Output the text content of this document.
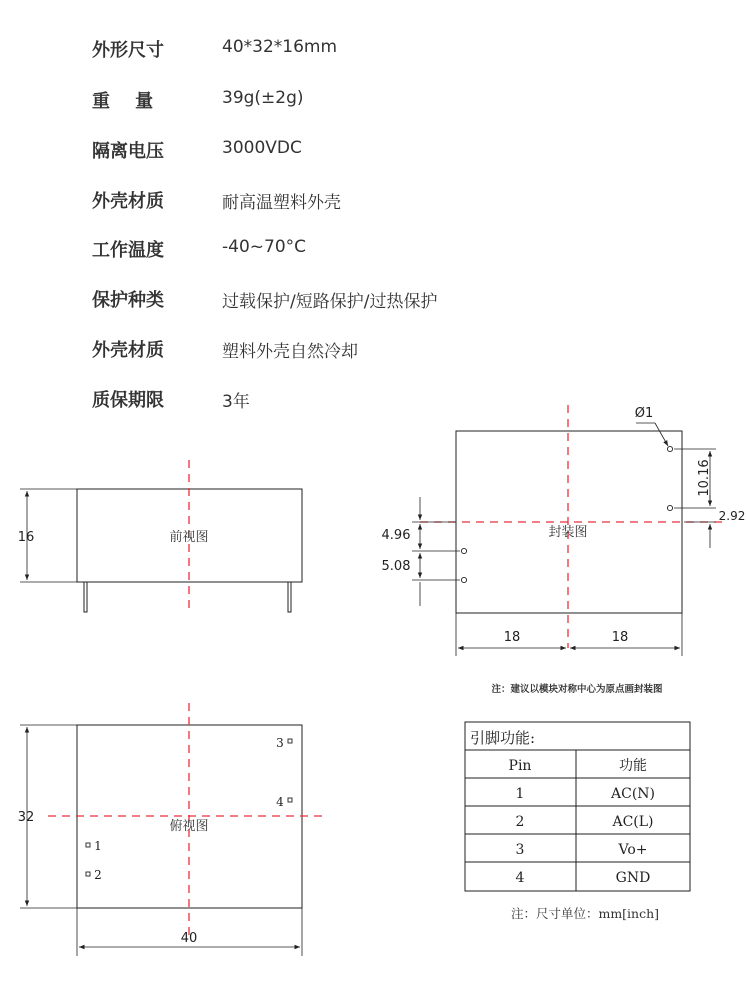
外形尺寸	40*32*16mm
重    量	39g(±2g)
隔离电压	3000VDC
外壳材质	耐高温塑料外壳
工作温度	-40~70°C
保护种类	过载保护/短路保护/过热保护
外壳材质	塑料外壳自然冷却
质保期限	3年
前视图
16	封装图
Ø1
10.16
2.92
4.96
5.08
18	18
注：建议以模块对称中心为原点画封装图
俯视图
3
4
1
2
32
40
引脚功能:
Pin	功能
1	AC(N)
2	AC(L)
3	Vo+
4	GND
注：尺寸单位：mm[inch]
